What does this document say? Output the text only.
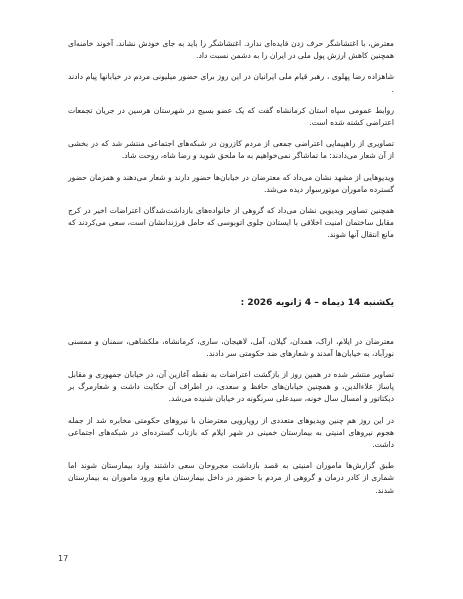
معترض، با اغتشاشگر حرف زدن فایده‌ای ندارد. اغتشاشگر را باید به جای خودش نشاند. آخوند خامنه‌ای همچنین کاهش ارزش پول ملی در ایران را به دشمن نسبت داد.

شاهزاده رضا پهلوی ، رهبر قیام ملی ایرانیان در این روز برای حضور میلیونی مردم در خیابانها پیام دادند .

روابط عمومی سپاه استان کرمانشاه گفت که یک عضو بسیج در شهرستان هرسین در جریان تجمعات اعتراضی کشته شده است.

تصاویری از راهپیمایی اعتراضی جمعی از مردم کازرون در شبکه‌های اجتماعی منتشر شد که در بخشی از آن شعار می‌دادند: ما تماشاگر نمی‌خواهیم به ما ملحق شوید و رضا شاه، روحت شاد.

ویدیوهایی از مشهد نشان می‌داد که معترضان در خیابان‌ها حضور دارند و شعار می‌دهند و همزمان حضور گسترده ماموران موتورسوار دیده می‌شد.

همچنین تصاویر ویدیویی نشان می‌داد که گروهی از خانواده‌های بازداشت‌شدگان اعتراضات اخیر در کرج مقابل ساختمان امنیت اخلاقی با ایستادن جلوی اتوبوسی که حامل فرزندانشان است، سعی می‌کردند که مانع انتقال آنها شوند.

یکشنبه 14 دیماه – 4 ژانویه 2026 :

معترضان در ایلام، اراک، همدان، گیلان، آمل، لاهیجان، ساری، کرمانشاه، ملکشاهی، سمنان و ممسنی نورآباد، به خیابان‌ها آمدند و شعارهای ضد حکومتی سر دادند.

تصاویر منتشر شده در همین روز از بازگشت اعتراضات به نقطه آغازین آن، در خیابان جمهوری و مقابل پاساژ علاءالدین، و همچنین خیابان‌های حافظ و سعدی، در اطراف آن حکایت داشت و شعارمرگ بر دیکتاتور و امسال سال خونه، سیدعلی سرنگونه در خیابان شنیده می‌شد.

در این روز هم چنین ویدیوهای متعددی از رویارویی معترضان با نیروهای حکومتی مخابره شد از جمله هجوم نیروهای امنیتی به بیمارستان خمینی در شهر ایلام که بازتاب گسترده‌ای در شبکه‌های اجتماعی داشت.

طبق گزارش‌ها ماموران امنیتی به قصد بازداشت مجروحان سعی داشتند وارد بیمارستان شوند اما شماری از کادر درمان و گروهی از مردم با حضور در داخل بیمارستان مانع ورود ماموران به بیمارستان شدند.

17
